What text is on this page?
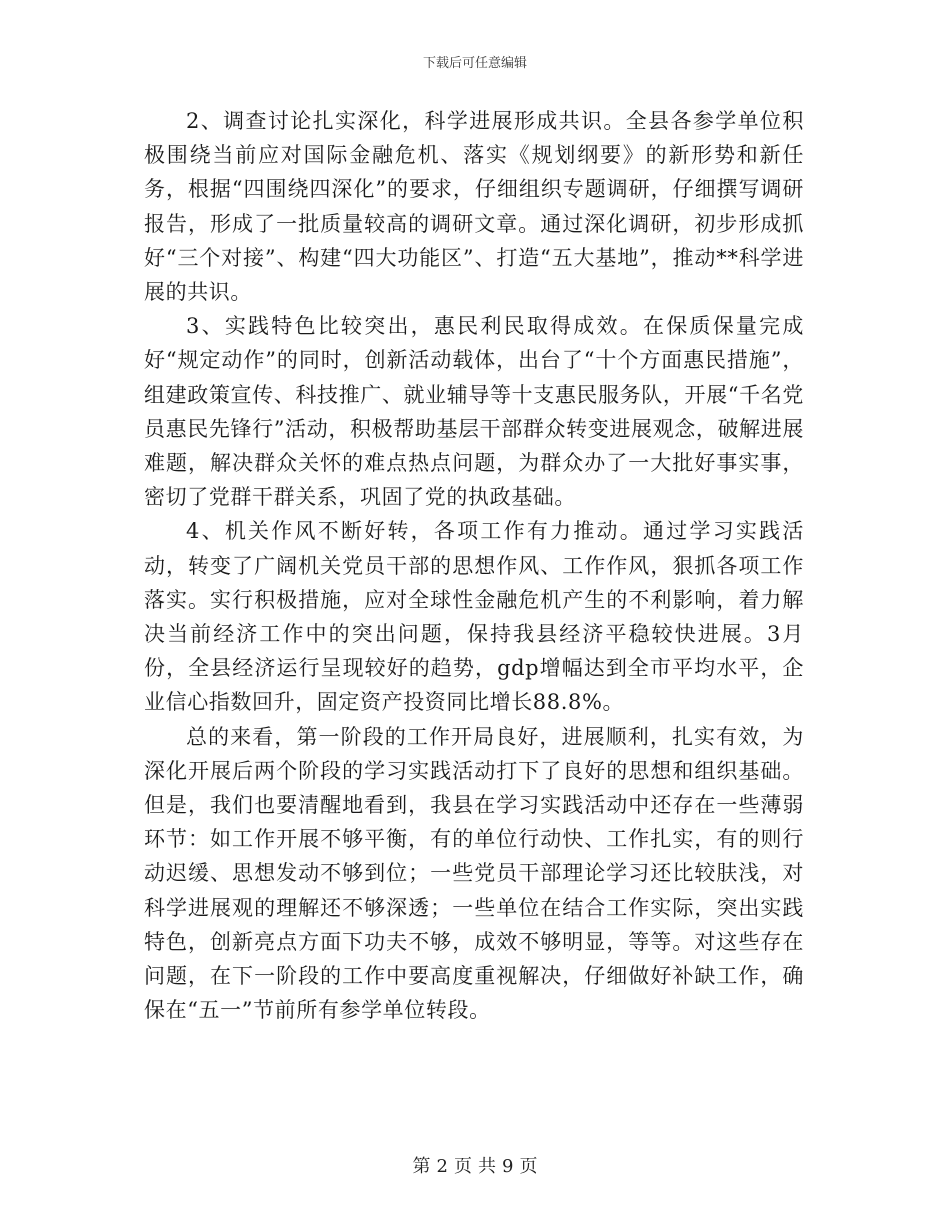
下载后可任意编辑

2、调查讨论扎实深化，科学进展形成共识。全县各参学单位积极围绕当前应对国际金融危机、落实《规划纲要》的新形势和新任务，根据“四围绕四深化”的要求，仔细组织专题调研，仔细撰写调研报告，形成了一批质量较高的调研文章。通过深化调研，初步形成抓好“三个对接”、构建“四大功能区”、打造“五大基地”，推动**科学进展的共识。

3、实践特色比较突出，惠民利民取得成效。在保质保量完成好“规定动作”的同时，创新活动载体，出台了“十个方面惠民措施”，组建政策宣传、科技推广、就业辅导等十支惠民服务队，开展“千名党员惠民先锋行”活动，积极帮助基层干部群众转变进展观念，破解进展难题，解决群众关怀的难点热点问题，为群众办了一大批好事实事，密切了党群干群关系，巩固了党的执政基础。

4、机关作风不断好转，各项工作有力推动。通过学习实践活动，转变了广阔机关党员干部的思想作风、工作作风，狠抓各项工作落实。实行积极措施，应对全球性金融危机产生的不利影响，着力解决当前经济工作中的突出问题，保持我县经济平稳较快进展。3月份，全县经济运行呈现较好的趋势，gdp增幅达到全市平均水平，企业信心指数回升，固定资产投资同比增长88.8%。

总的来看，第一阶段的工作开局良好，进展顺利，扎实有效，为深化开展后两个阶段的学习实践活动打下了良好的思想和组织基础。但是，我们也要清醒地看到，我县在学习实践活动中还存在一些薄弱环节：如工作开展不够平衡，有的单位行动快、工作扎实，有的则行动迟缓、思想发动不够到位；一些党员干部理论学习还比较肤浅，对科学进展观的理解还不够深透；一些单位在结合工作实际，突出实践特色，创新亮点方面下功夫不够，成效不够明显，等等。对这些存在问题，在下一阶段的工作中要高度重视解决，仔细做好补缺工作，确保在“五一”节前所有参学单位转段。

第 2 页 共 9 页
